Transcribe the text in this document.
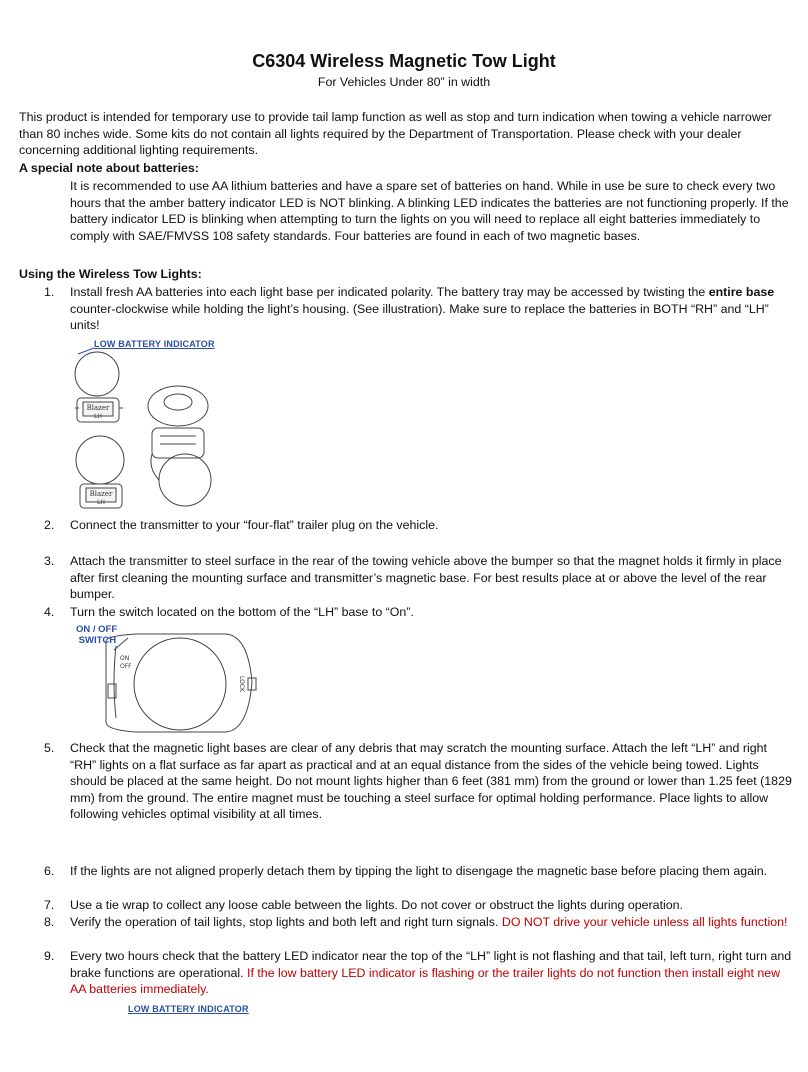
C6304 Wireless Magnetic Tow Light
For Vehicles Under 80” in width
This product is intended for temporary use to provide tail lamp function as well as stop and turn indication when towing a vehicle narrower than 80 inches wide. Some kits do not contain all lights required by the Department of Transportation. Please check with your dealer concerning additional lighting requirements.
A special note about batteries:
It is recommended to use AA lithium batteries and have a spare set of batteries on hand. While in use be sure to check every two hours that the amber battery indicator LED is NOT blinking. A blinking LED indicates the batteries are not functioning properly. If the battery indicator LED is blinking when attempting to turn the lights on you will need to replace all eight batteries immediately to comply with SAE/FMVSS 108 safety standards. Four batteries are found in each of two magnetic bases.
Using the Wireless Tow Lights:
1. Install fresh AA batteries into each light base per indicated polarity. The battery tray may be accessed by twisting the entire base counter-clockwise while holding the light’s housing. (See illustration). Make sure to replace the batteries in BOTH “RH” and “LH” units!
LOW BATTERY INDICATOR
Blazer
LH
Blazer
LH
2. Connect the transmitter to your “four-flat” trailer plug on the vehicle.
3. Attach the transmitter to steel surface in the rear of the towing vehicle above the bumper so that the magnet holds it firmly in place after first cleaning the mounting surface and transmitter’s magnetic base. For best results place at or above the level of the rear bumper.
4. Turn the switch located on the bottom of the “LH” base to “On”.
ON / OFF
SWITCH
ON
OFF
LOCK
5. Check that the magnetic light bases are clear of any debris that may scratch the mounting surface. Attach the left “LH” and right “RH” lights on a flat surface as far apart as practical and at an equal distance from the sides of the vehicle being towed. Lights should be placed at the same height. Do not mount lights higher than 6 feet (381 mm) from the ground or lower than 1.25 feet (1829 mm) from the ground. The entire magnet must be touching a steel surface for optimal holding performance. Place lights to allow following vehicles optimal visibility at all times.
6. If the lights are not aligned properly detach them by tipping the light to disengage the magnetic base before placing them again.
7. Use a tie wrap to collect any loose cable between the lights. Do not cover or obstruct the lights during operation.
8. Verify the operation of tail lights, stop lights and both left and right turn signals. DO NOT drive your vehicle unless all lights function!
9. Every two hours check that the battery LED indicator near the top of the “LH” light is not flashing and that tail, left turn, right turn and brake functions are operational. If the low battery LED indicator is flashing or the trailer lights do not function then install eight new AA batteries immediately.
LOW BATTERY INDICATOR
